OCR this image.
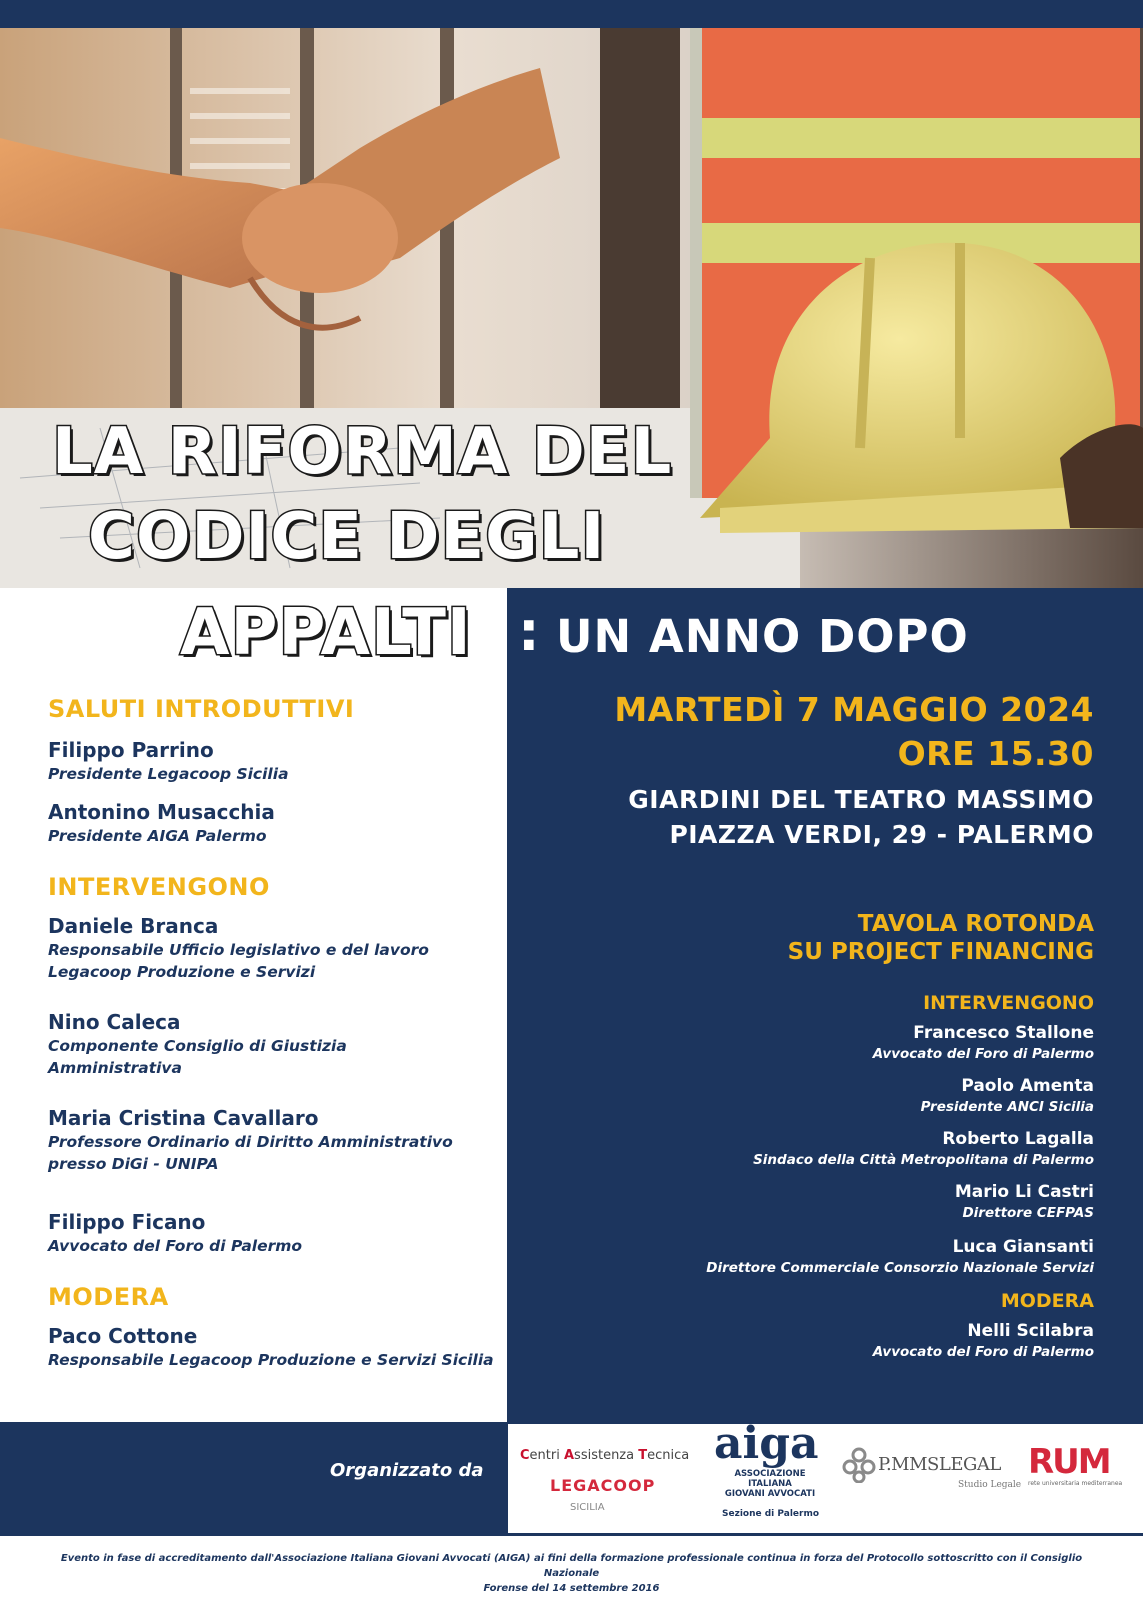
LA RIFORMA DEL
CODICE DEGLI
APPALTI : UN ANNO DOPO

SALUTI INTRODUTTIVI

Filippo Parrino

Presidente Legacoop Sicilia

Antonino Musacchia

Presidente AIGA Palermo

INTERVENGONO

Daniele Branca

Responsabile Ufficio legislativo e del lavoro

Legacoop Produzione e Servizi

Nino Caleca

Componente Consiglio di Giustizia

Amministrativa

Maria Cristina Cavallaro

Professore Ordinario di Diritto Amministrativo

presso DiGi - UNIPA

Filippo Ficano

Avvocato del Foro di Palermo

MODERA

Paco Cottone

Responsabile Legacoop Produzione e Servizi Sicilia

MARTEDÌ 7 MAGGIO 2024

ORE 15.30

GIARDINI DEL TEATRO MASSIMO

PIAZZA VERDI, 29 - PALERMO

TAVOLA ROTONDA

SU PROJECT FINANCING

INTERVENGONO

Francesco Stallone

Avvocato del Foro di Palermo

Paolo Amenta

Presidente ANCI Sicilia

Roberto Lagalla

Sindaco della Città Metropolitana di Palermo

Mario Li Castri

Direttore CEFPAS

Luca Giansanti

Direttore Commerciale Consorzio Nazionale Servizi

MODERA

Nelli Scilabra

Avvocato del Foro di Palermo

Organizzato da
Centri Assistenza Tecnica
LEGACOOP
SICILIA
aiga
ASSOCIAZIONE ITALIANA
GIOVANI AVVOCATI
Sezione di Palermo
P.MMSLEGAL
Studio Legale
RUM
rete universitaria mediterranea
Evento in fase di accreditamento dall'Associazione Italiana Giovani Avvocati (AIGA) ai fini della formazione professionale continua in forza del Protocollo sottoscritto con il Consiglio Nazionale
Forense del 14 settembre 2016
